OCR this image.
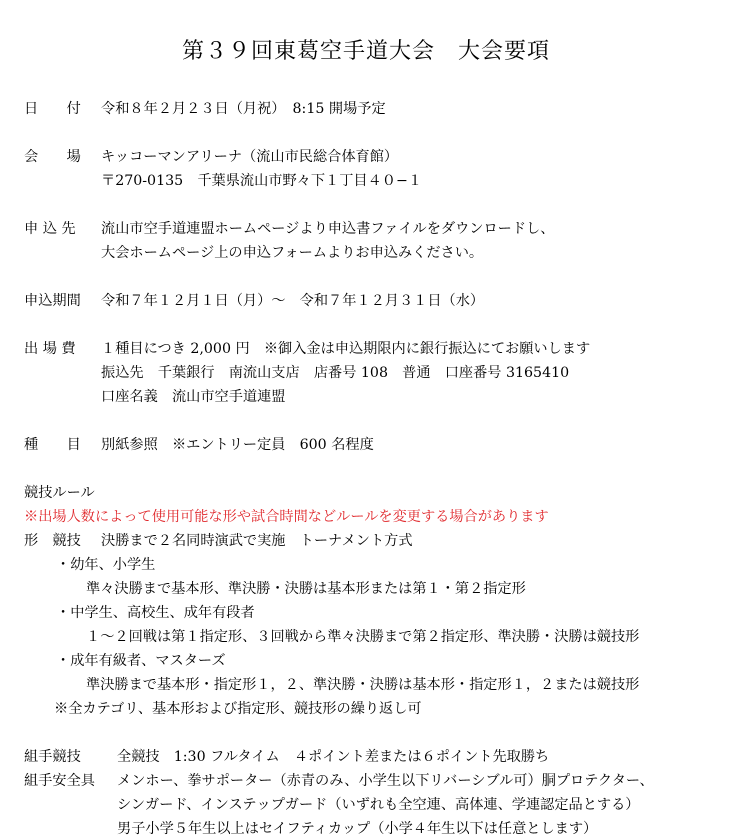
第３９回東葛空手道大会　大会要項
日　　付 令和８年２月２３日（月祝）　8:15 開場予定
会　　場 キッコーマンアリーナ（流山市民総合体育館）
〒270-0135　千葉県流山市野々下１丁目４０−１
申 込 先 流山市空手道連盟ホームページより申込書ファイルをダウンロードし、
大会ホームページ上の申込フォームよりお申込みください。
申込期間 令和７年１２月１日（月）～　令和７年１２月３１日（水）
出 場 費 １種目につき 2,000 円　※御入金は申込期限内に銀行振込にてお願いします
振込先　千葉銀行　南流山支店　店番号 108　普通　口座番号 3165410
口座名義　流山市空手道連盟
種　　目 別紙参照　※エントリー定員　600 名程度
競技ルール
※出場人数によって使用可能な形や試合時間などルールを変更する場合があります
形　競技 決勝まで２名同時演武で実施　トーナメント方式
・幼年、小学生
準々決勝まで基本形、準決勝・決勝は基本形または第１・第２指定形
・中学生、高校生、成年有段者
１～２回戦は第１指定形、３回戦から準々決勝まで第２指定形、準決勝・決勝は競技形
・成年有級者、マスターズ
準決勝まで基本形・指定形１，２、準決勝・決勝は基本形・指定形１，２または競技形
※全カテゴリ、基本形および指定形、競技形の繰り返し可
組手競技	全競技　1:30 フルタイム　４ポイント差または６ポイント先取勝ち
組手安全具 メンホー、拳サポーター（赤青のみ、小学生以下リバーシブル可）胴プロテクター、
シンガード、インステップガード（いずれも全空連、高体連、学連認定品とする）
男子小学５年生以上はセイフティカップ（小学４年生以下は任意とします）
